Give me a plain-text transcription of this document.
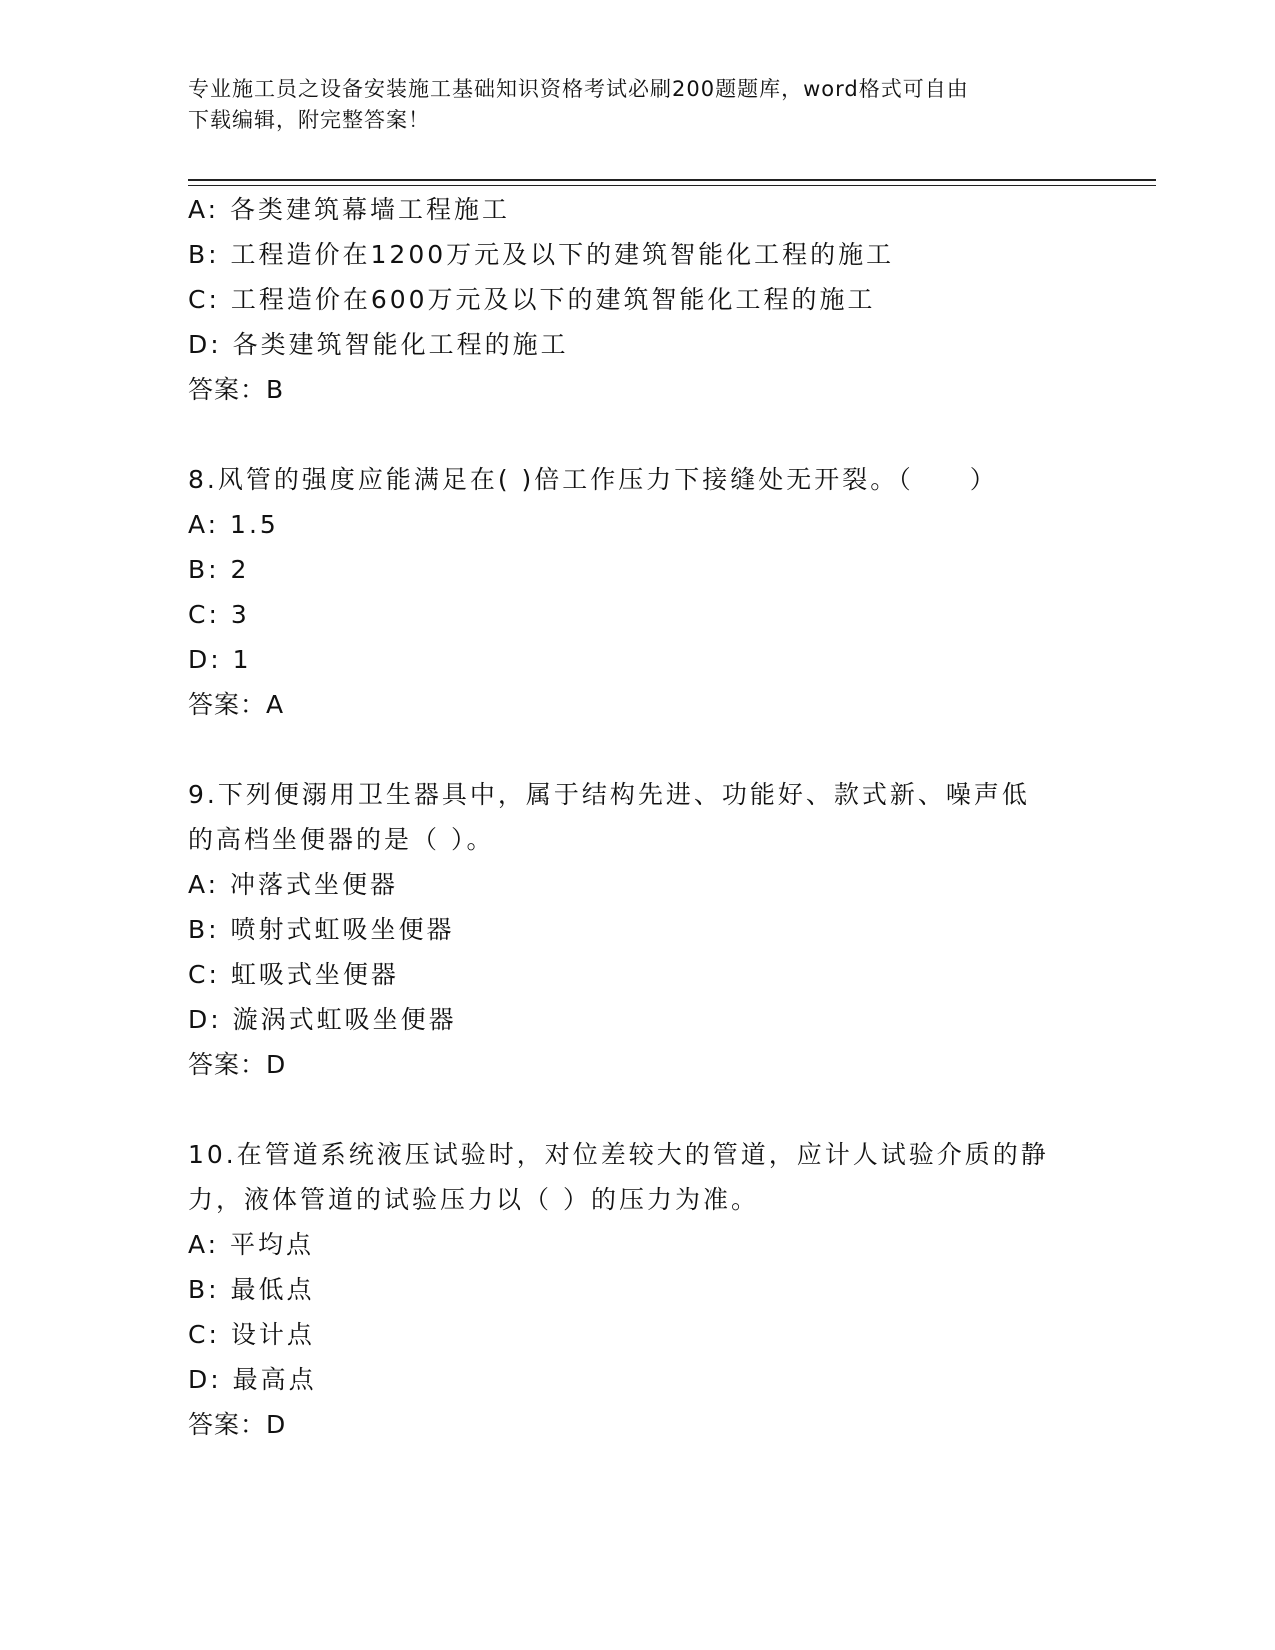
专业施工员之设备安装施工基础知识资格考试必刷200题题库，word格式可自由
下载编辑，附完整答案！
A: 各类建筑幕墙工程施工
B: 工程造价在1200万元及以下的建筑智能化工程的施工
C: 工程造价在600万元及以下的建筑智能化工程的施工
D: 各类建筑智能化工程的施工
答案：B
8.风管的强度应能满足在( )倍工作压力下接缝处无开裂。（　　）
A: 1.5
B: 2
C: 3
D: 1
答案：A
9.下列便溺用卫生器具中，属于结构先进、功能好、款式新、噪声低
的高档坐便器的是（ ）。
A: 冲落式坐便器
B: 喷射式虹吸坐便器
C: 虹吸式坐便器
D: 漩涡式虹吸坐便器
答案：D
10.在管道系统液压试验时，对位差较大的管道，应计人试验介质的静
力，液体管道的试验压力以（ ）的压力为准。
A: 平均点
B: 最低点
C: 设计点
D: 最高点
答案：D
